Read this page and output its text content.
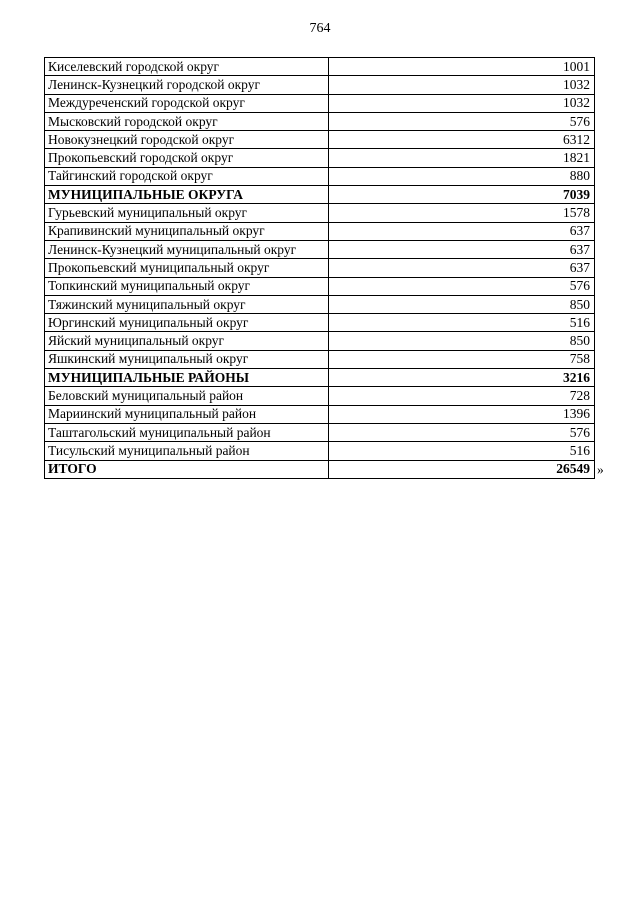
764
Киселевский городской округ	1001
Ленинск-Кузнецкий городской округ	1032
Междуреченский городской округ	1032
Мысковский городской округ	576
Новокузнецкий городской округ	6312
Прокопьевский городской округ	1821
Тайгинский городской округ	880
МУНИЦИПАЛЬНЫЕ ОКРУГА	7039
Гурьевский муниципальный округ	1578
Крапивинский муниципальный округ	637
Ленинск-Кузнецкий муниципальный округ	637
Прокопьевский муниципальный округ	637
Топкинский муниципальный округ	576
Тяжинский муниципальный округ	850
Юргинский муниципальный округ	516
Яйский муниципальный округ	850
Яшкинский муниципальный округ	758
МУНИЦИПАЛЬНЫЕ РАЙОНЫ	3216
Беловский муниципальный район	728
Мариинский муниципальный район	1396
Таштагольский муниципальный район	576
Тисульский муниципальный район	516
ИТОГО	26549 »
